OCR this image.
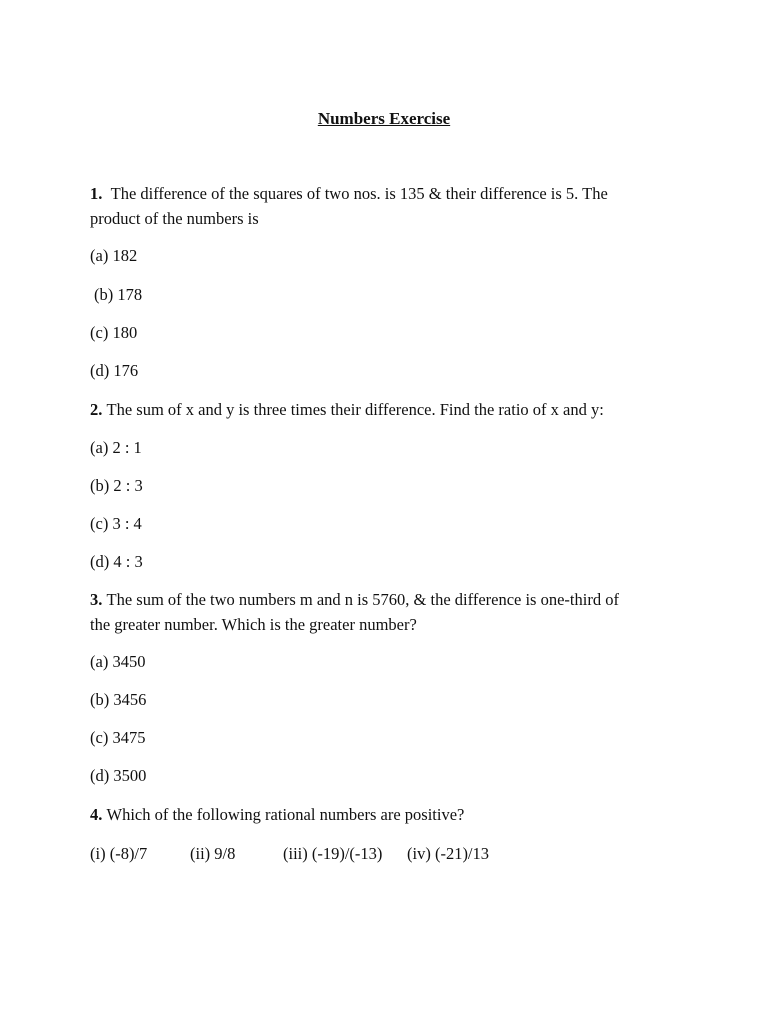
Numbers Exercise
1. The difference of the squares of two nos. is 135 & their difference is 5. The
product of the numbers is
(a) 182
(b) 178
(c) 180
(d) 176
2. The sum of x and y is three times their difference. Find the ratio of x and y:
(a) 2 : 1
(b) 2 : 3
(c) 3 : 4
(d) 4 : 3
3. The sum of the two numbers m and n is 5760, & the difference is one-third of
the greater number. Which is the greater number?
(a) 3450
(b) 3456
(c) 3475
(d) 3500
4. Which of the following rational numbers are positive?
(i) (-8)/7	(ii) 9/8	(iii) (-19)/(-13) (iv) (-21)/13
